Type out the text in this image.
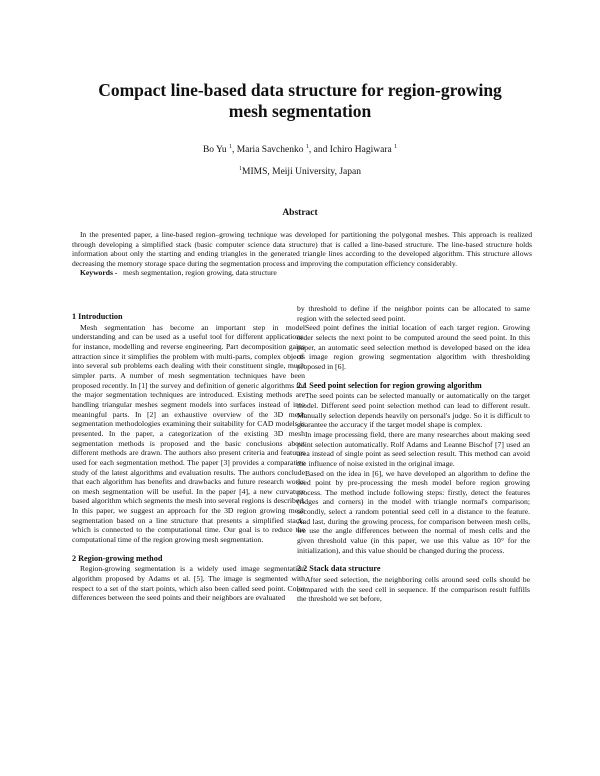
Compact line-based data structure for region-growing
mesh segmentation
Bo Yu $^1$, Maria Savchenko $^1$, and Ichiro Hagiwara $^1$
$^1$MIMS, Meiji University, Japan
Abstract

In the presented paper, a line-based region–growing technique was developed for partitioning the polygonal meshes. This approach is realized through developing a simplified stack (basic computer science data structure) that is called a line-based structure. The line-based structure holds information about only the starting and ending triangles in the generated triangle lines according to the developed algorithm. This structure allows decreasing the memory storage space during the segmentation process and improving the computation efficiency considerably.

Keywords - mesh segmentation, region growing, data structure

1 Introduction

Mesh segmentation has become an important step in model understanding and can be used as a useful tool for different applications, for instance, modelling and reverse engineering. Part decomposition gains attraction since it simplifies the problem with multi-parts, complex objects into several sub problems each dealing with their constituent single, much simpler parts. A number of mesh segmentation techniques have been proposed recently. In [1] the survey and definition of generic algorithms for the major segmentation techniques are introduced. Existing methods are handling triangular meshes segment models into surfaces instead of into meaningful parts. In [2] an exhaustive overview of the 3D mesh segmentation methodologies examining their suitability for CAD models is presented. In the paper, a categorization of the existing 3D mesh segmentation methods is proposed and the basic conclusions about different methods are drawn. The authors also present criteria and features used for each segmentation method. The paper [3] provides a comparative study of the latest algorithms and evaluation results. The authors conclude that each algorithm has benefits and drawbacks and future research works on mesh segmentation will be useful. In the paper [4], a new curvature based algorithm which segments the mesh into several regions is described. In this paper, we suggest an approach for the 3D region growing mesh segmentation based on a line structure that presents a simplified stack, which is connected to the computational time. Our goal is to reduce the computational time of the region growing mesh segmentation.

2 Region-growing method

Region-growing segmentation is a widely used image segmentation algorithm proposed by Adams et al. [5]. The image is segmented with respect to a set of the start points, which also been called seed point. Color differences between the seed points and their neighbors are evaluated

by threshold to define if the neighbor points can be allocated to same region with the selected seed point.

Seed point defines the initial location of each target region. Growing order selects the next point to be computed around the seed point. In this paper, an automatic seed selection method is developed based on the idea of image region growing segmentation algorithm with thresholding proposed in [6].

2.1 Seed point selection for region growing algorithm

The seed points can be selected manually or automatically on the target model. Different seed point selection method can lead to different result. Manually selection depends heavily on personal's judge. So it is difficult to guarantee the accuracy if the target model shape is complex.

In image processing field, there are many researches about making seed point selection automatically. Rolf Adams and Leanne Bischof [7] used an area instead of single point as seed selection result. This method can avoid the influence of noise existed in the original image.

Based on the idea in [6], we have developed an algorithm to define the seed point by pre-processing the mesh model before region growing process. The method include following steps: firstly, detect the features (ridges and corners) in the model with triangle normal's comparison; secondly, select a random potential seed cell in a distance to the feature. And last, during the growing process, for comparison between mesh cells, we use the angle differences between the normal of mesh cells and the given threshold value (in this paper, we use this value as 10° for the initialization), and this value should be changed during the process.

2.2 Stack data structure

After seed selection, the neighboring cells around seed cells should be compared with the seed cell in sequence. If the comparison result fulfills the threshold we set before,
